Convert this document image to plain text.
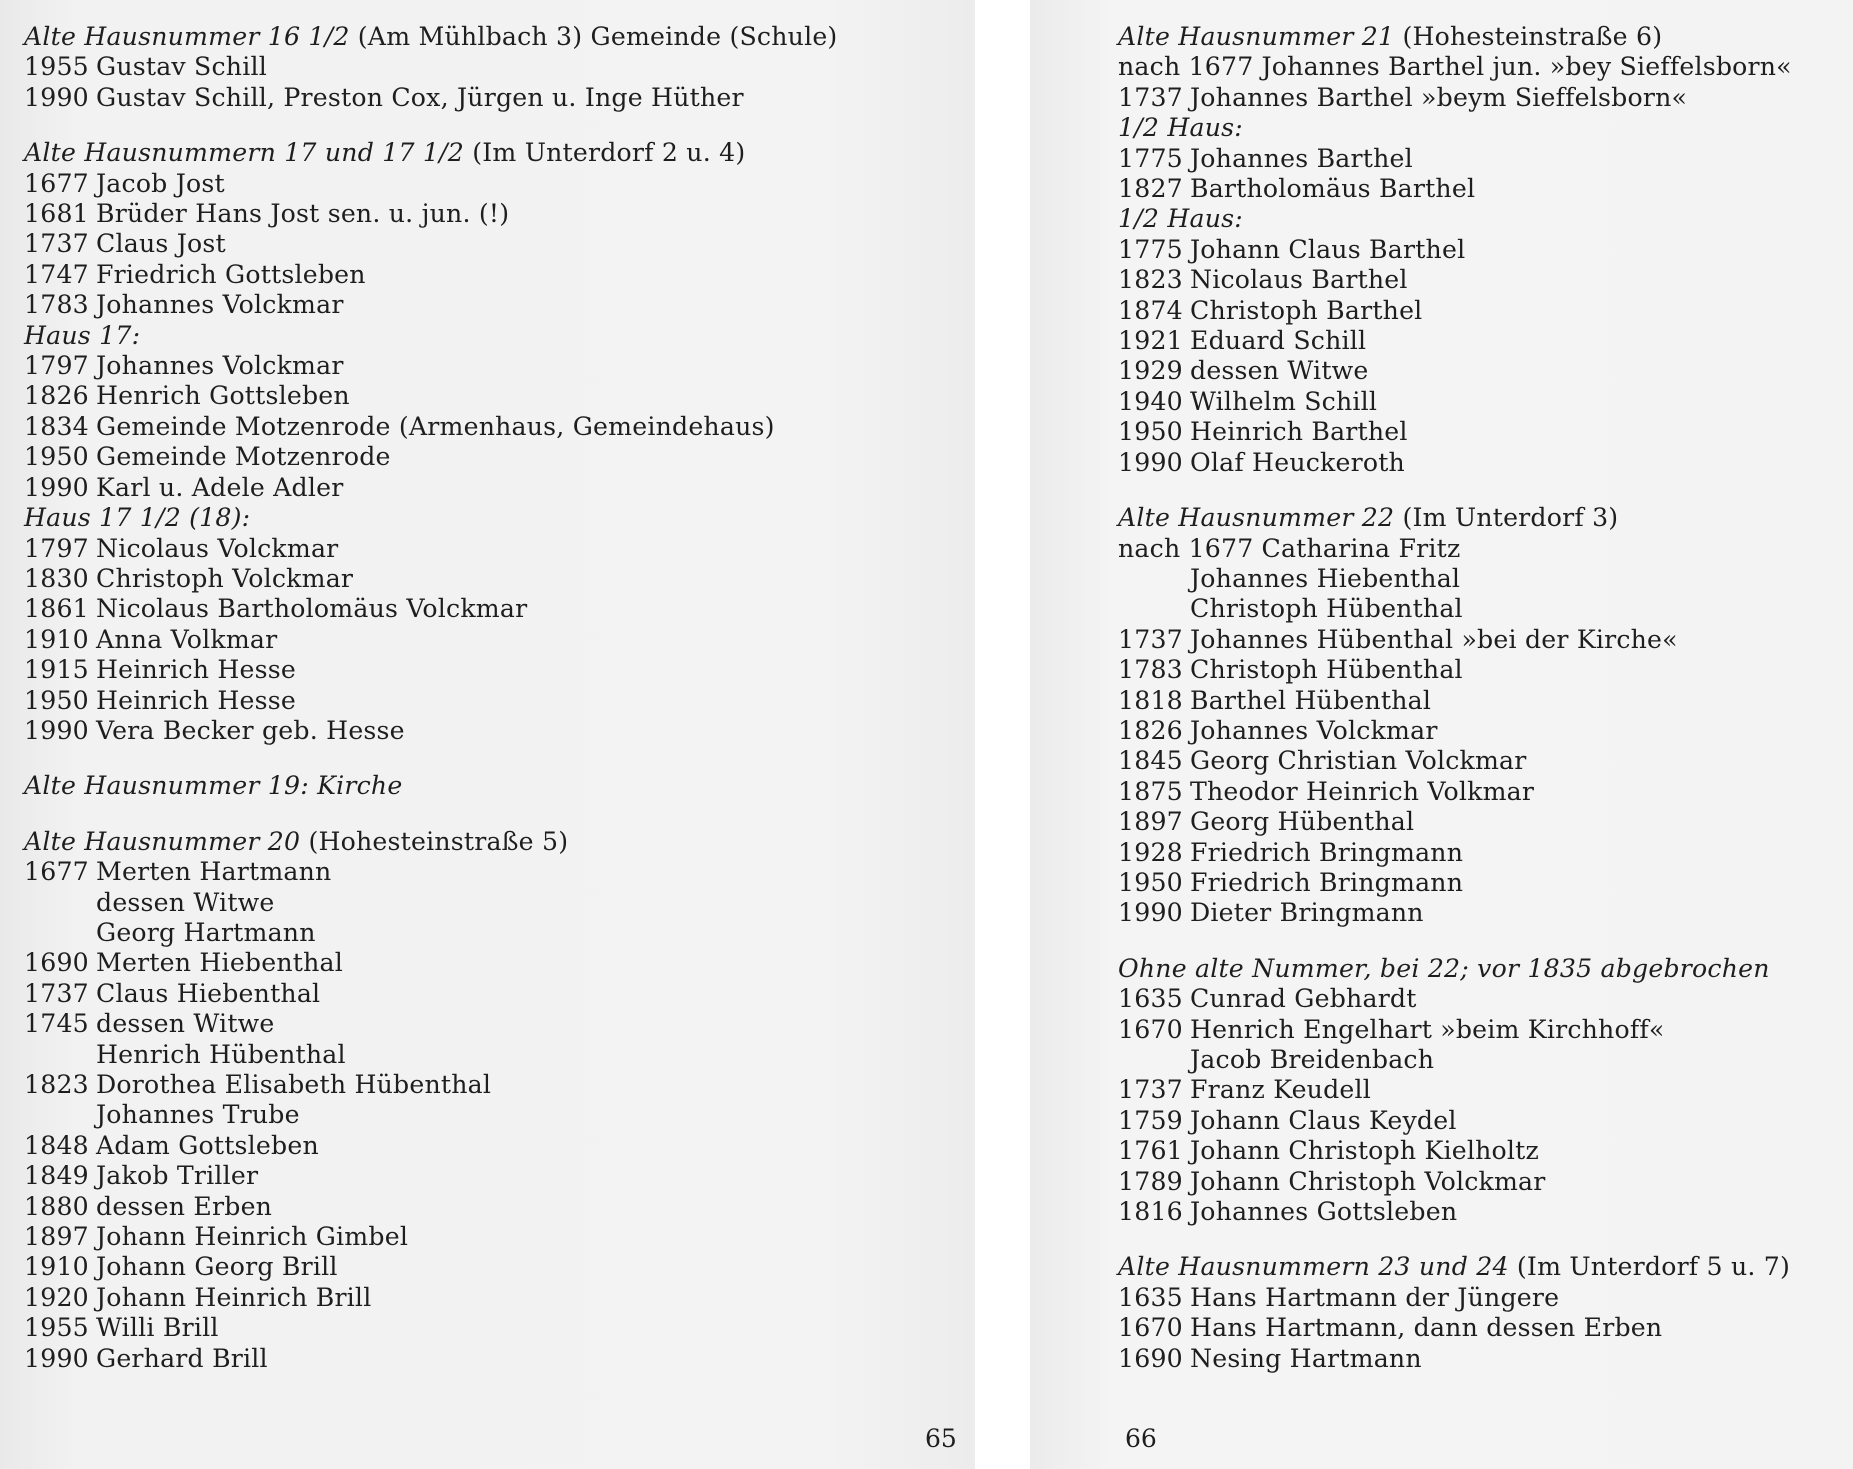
Alte Hausnummer 16 1/2 (Am Mühlbach 3) Gemeinde (Schule)
1955 Gustav Schill
1990 Gustav Schill, Preston Cox, Jürgen u. Inge Hüther
Alte Hausnummern 17 und 17 1/2 (Im Unterdorf 2 u. 4)
1677 Jacob Jost
1681 Brüder Hans Jost sen. u. jun. (!)
1737 Claus Jost
1747 Friedrich Gottsleben
1783 Johannes Volckmar
Haus 17:
1797 Johannes Volckmar
1826 Henrich Gottsleben
1834 Gemeinde Motzenrode (Armenhaus, Gemeindehaus)
1950 Gemeinde Motzenrode
1990 Karl u. Adele Adler
Haus 17 1/2 (18):
1797 Nicolaus Volckmar
1830 Christoph Volckmar
1861 Nicolaus Bartholomäus Volckmar
1910 Anna Volkmar
1915 Heinrich Hesse
1950 Heinrich Hesse
1990 Vera Becker geb. Hesse
Alte Hausnummer 19: Kirche
Alte Hausnummer 20 (Hohesteinstraße 5)
1677 Merten Hartmann
dessen Witwe
Georg Hartmann
1690 Merten Hiebenthal
1737 Claus Hiebenthal
1745 dessen Witwe
Henrich Hübenthal
1823 Dorothea Elisabeth Hübenthal
Johannes Trube
1848 Adam Gottsleben
1849 Jakob Triller
1880 dessen Erben
1897 Johann Heinrich Gimbel
1910 Johann Georg Brill
1920 Johann Heinrich Brill
1955 Willi Brill
1990 Gerhard Brill
65
Alte Hausnummer 21 (Hohesteinstraße 6)
nach 1677 Johannes Barthel jun. »bey Sieffelsborn«
1737 Johannes Barthel »beym Sieffelsborn«
1/2 Haus:
1775 Johannes Barthel
1827 Bartholomäus Barthel
1/2 Haus:
1775 Johann Claus Barthel
1823 Nicolaus Barthel
1874 Christoph Barthel
1921 Eduard Schill
1929 dessen Witwe
1940 Wilhelm Schill
1950 Heinrich Barthel
1990 Olaf Heuckeroth
Alte Hausnummer 22 (Im Unterdorf 3)
nach 1677 Catharina Fritz
Johannes Hiebenthal
Christoph Hübenthal
1737 Johannes Hübenthal »bei der Kirche«
1783 Christoph Hübenthal
1818 Barthel Hübenthal
1826 Johannes Volckmar
1845 Georg Christian Volckmar
1875 Theodor Heinrich Volkmar
1897 Georg Hübenthal
1928 Friedrich Bringmann
1950 Friedrich Bringmann
1990 Dieter Bringmann
Ohne alte Nummer, bei 22; vor 1835 abgebrochen
1635 Cunrad Gebhardt
1670 Henrich Engelhart »beim Kirchhoff«
Jacob Breidenbach
1737 Franz Keudell
1759 Johann Claus Keydel
1761 Johann Christoph Kielholtz
1789 Johann Christoph Volckmar
1816 Johannes Gottsleben
Alte Hausnummern 23 und 24 (Im Unterdorf 5 u. 7)
1635 Hans Hartmann der Jüngere
1670 Hans Hartmann, dann dessen Erben
1690 Nesing Hartmann
66
